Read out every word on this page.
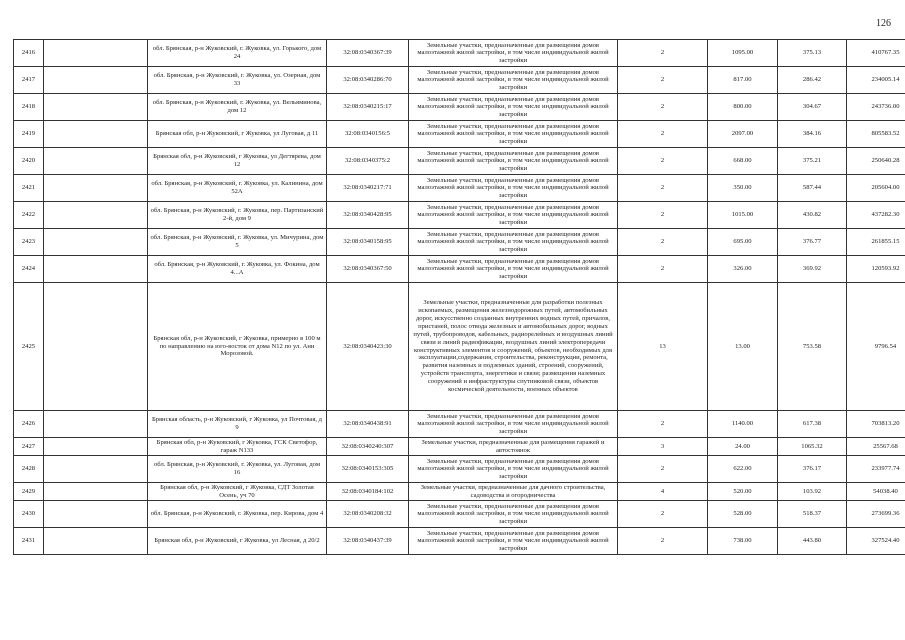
126
2416		обл. Брянская, р-н Жуковский, г. Жуковка, ул. Горького, дом 24	32:08:0340367:39	Земельные участки, предназначенные для размещения домов малоэтажной жилой застройки, в том числе индивидуальной жилой застройки	2	1095.00	375.13	410767.35
2417		обл. Брянская, р-н Жуковский, г. Жуковка, ул. Озерная, дом 33	32:08:0340286:70	Земельные участки, предназначенные для размещения домов малоэтажной жилой застройки, в том числе индивидуальной жилой застройки	2	817.00	286.42	234005.14
2418		обл. Брянская, р-н Жуковский, г. Жуковка, ул. Вельяминова, дом 12	32:08:0340215:17	Земельные участки, предназначенные для размещения домов малоэтажной жилой застройки, в том числе индивидуальной жилой застройки	2	800.00	304.67	243736.00
2419		Брянская обл, р-н Жуковский, г Жуковка, ул Луговая, д 11	32:08:0340156:5	Земельные участки, предназначенные для размещения домов малоэтажной жилой застройки, в том числе индивидуальной жилой застройки	2	2097.00	384.16	805583.52
2420		Брянская обл, р-н Жуковский, г Жуковка, ул Дегтярева, дом 12	32:08:0340375:2	Земельные участки, предназначенные для размещения домов малоэтажной жилой застройки, в том числе индивидуальной жилой застройки	2	668.00	375.21	250640.28
2421		обл. Брянская, р-н Жуковский, г. Жуковка, ул. Калинина, дом 52А	32:08:0340217:71	Земельные участки, предназначенные для размещения домов малоэтажной жилой застройки, в том числе индивидуальной жилой застройки	2	350.00	587.44	205604.00
2422		обл. Брянская, р-н Жуковский, г. Жуковка, пер. Партизанский 2-й, дом 9	32:08:0340428:95	Земельные участки, предназначенные для размещения домов малоэтажной жилой застройки, в том числе индивидуальной жилой застройки	2	1015.00	430.82	437282.30
2423		обл. Брянская, р-н Жуковский, г. Жуковка, ул. Мичурина, дом 5	32:08:0340158:95	Земельные участки, предназначенные для размещения домов малоэтажной жилой застройки, в том числе индивидуальной жилой застройки	2	695.00	376.77	261855.15
2424		обл. Брянская, р-н Жуковский, г. Жуковка, ул. Фокина, дом 4...А	32:08:0340367:50	Земельные участки, предназначенные для размещения домов малоэтажной жилой застройки, в том числе индивидуальной жилой застройки	2	326.00	369.92	120593.92
2425		Брянская обл, р-н Жуковский, г Жуковка, примерно в 100 м по направлению на юго-восток от дома N12 по ул. Ани Морозовой.	32:08:0340423:30	Земельные участки, предназначенные для разработки полезных ископаемых, размещения железнодорожных путей, автомобильных дорог, искусственно созданных внутренних водных путей, причалов, пристаней, полос отвода железных и автомобильных дорог, водных путей, трубопроводов, кабельных, радиорелейных и воздушных линий связи и линий радиофикации, воздушных линий электропередачи конструктивных элементов и сооружений, объектов, необходимых для эксплуатации,содержания, строительства, реконструкции, ремонта, развития наземных и подземных зданий, строений, сооружений, устройств транспорта, энергетики и связи; размещения наземных сооружений и инфраструктуры спутниковой связи, объектов космической деятельности, военных объектов	13	13.00	753.58	9796.54
2426		Брянская область, р-н Жуковский, г Жуковка, ул Почтовая, д 9	32:08:0340438:91	Земельные участки, предназначенные для размещения домов малоэтажной жилой застройки, в том числе индивидуальной жилой застройки	2	1140.00	617.38	703813.20
2427		Брянская обл, р-н Жуковский, г Жуковка, ГСК Светофор, гараж N133	32:08:0340240:307	Земельные участки, предназначенные для размещения гаражей и автостоянок	3	24.00	1065.32	25567.68
2428		обл. Брянская, р-н Жуковский, г. Жуковка, ул. Луговая, дом 16	32:08:0340153:305	Земельные участки, предназначенные для размещения домов малоэтажной жилой застройки, в том числе индивидуальной жилой застройки	2	622.00	376.17	233977.74
2429		Брянская обл, р-н Жуковский, г Жуковка, СДТ Золотая Осень, уч 70	32:08:0340184:102	Земельные участки, предназначенные для дачного строительства, садоводства и огородничества	4	520.00	103.92	54038.40
2430		обл. Брянская, р-н Жуковский, г. Жуковка, пер. Кирова, дом 4	32:08:0340208:32	Земельные участки, предназначенные для размещения домов малоэтажной жилой застройки, в том числе индивидуальной жилой застройки	2	528.00	518.37	273699.36
2431		Брянская обл, р-н Жуковский, г Жуковка, ул Лесная, д 20/2	32:08:0340437:39	Земельные участки, предназначенные для размещения домов малоэтажной жилой застройки, в том числе индивидуальной жилой застройки	2	738.00	443.80	327524.40
